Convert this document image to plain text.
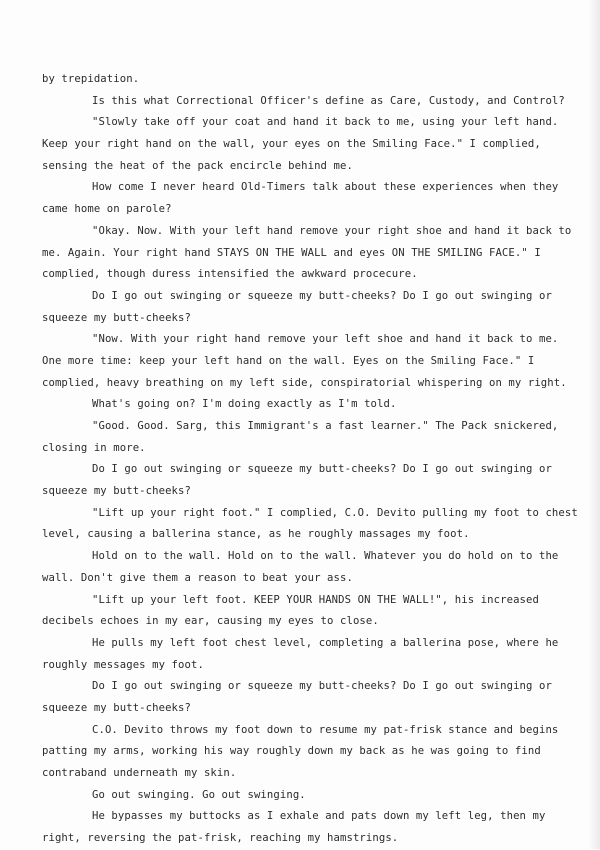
by trepidation.
Is this what Correctional Officer's define as Care, Custody, and Control?
"Slowly take off your coat and hand it back to me, using your left hand.
Keep your right hand on the wall, your eyes on the Smiling Face." I complied,
sensing the heat of the pack encircle behind me.
How come I never heard Old-Timers talk about these experiences when they
came home on parole?
"Okay. Now. With your left hand remove your right shoe and hand it back to
me. Again. Your right hand STAYS ON THE WALL and eyes ON THE SMILING FACE." I
complied, though duress intensified the awkward procecure.
Do I go out swinging or squeeze my butt-cheeks? Do I go out swinging or
squeeze my butt-cheeks?
"Now. With your right hand remove your left shoe and hand it back to me.
One more time: keep your left hand on the wall. Eyes on the Smiling Face." I
complied, heavy breathing on my left side, conspiratorial whispering on my right.
What's going on? I'm doing exactly as I'm told.
"Good. Good. Sarg, this Immigrant's a fast learner." The Pack snickered,
closing in more.
Do I go out swinging or squeeze my butt-cheeks? Do I go out swinging or
squeeze my butt-cheeks?
"Lift up your right foot." I complied, C.O. Devito pulling my foot to chest
level, causing a ballerina stance, as he roughly massages my foot.
Hold on to the wall. Hold on to the wall. Whatever you do hold on to the
wall. Don't give them a reason to beat your ass.
"Lift up your left foot. KEEP YOUR HANDS ON THE WALL!", his increased
decibels echoes in my ear, causing my eyes to close.
He pulls my left foot chest level, completing a ballerina pose, where he
roughly messages my foot.
Do I go out swinging or squeeze my butt-cheeks? Do I go out swinging or
squeeze my butt-cheeks?
C.O. Devito throws my foot down to resume my pat-frisk stance and begins
patting my arms, working his way roughly down my back as he was going to find
contraband underneath my skin.
Go out swinging. Go out swinging.
He bypasses my buttocks as I exhale and pats down my left leg, then my
right, reversing the pat-frisk, reaching my hamstrings.
